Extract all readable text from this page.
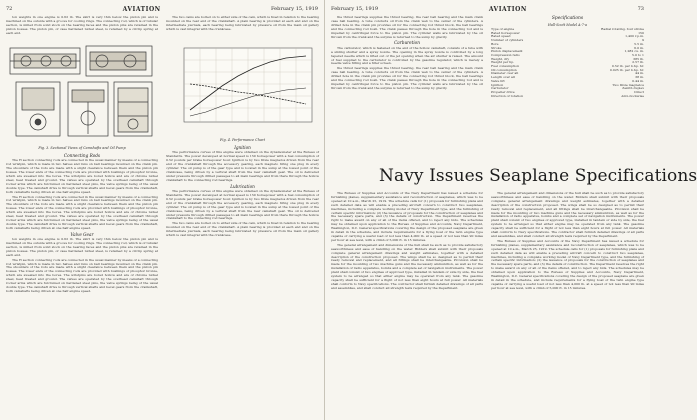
72	AVIATION	February 15, 1919

ton weights in one engine is 0.62 lb. The skirt is very thin below the piston pin and is machined on the outside with a groove for cooling rings. The connecting rod, which is of tubular section, is milled from solid stock on the bearing faces and the piston pins are retained in the piston bosses. The piston pin, of case hardened nickel steel, is retained by a circlip spring at each end.

Fig. 3. Sectional Views of Camshafts and Oil Pump
Connecting Rods

The H section connecting rods are connected in the usual manner by means of a connecting rod wristpin, which is made in two halves and runs on ball bearings mounted on the crank pin. The shoulders of the rods are made with a slight clearance between them and the piston pin bosses. The lower ends of the connecting rods are provided with bushings of phosphor bronze, which are sweated into the bores. The wristpins are bored hollow and are of chrome nickel steel, heat treated and ground. The valves are operated by the overhead camshaft through rocker arms which are fulcrumed on hardened steel pins, the valve springs being of the usual double type. The camshaft drive is through vertical shafts and bevel gears from the crankshaft, both camshafts being driven at one half engine speed.

The H section connecting rods are connected in the usual manner by means of a connecting rod wristpin, which is made in two halves and runs on ball bearings mounted on the crank pin. The shoulders of the rods are made with a slight clearance between them and the piston pin bosses. The lower ends of the connecting rods are provided with bushings of phosphor bronze, which are sweated into the bores. The wristpins are bored hollow and are of chrome nickel steel, heat treated and ground. The valves are operated by the overhead camshaft through rocker arms which are fulcrumed on hardened steel pins, the valve springs being of the usual double type. The camshaft drive is through vertical shafts and bevel gears from the crankshaft, both camshafts being driven at one half engine speed.

Valve Gear

ton weights in one engine is 0.62 lb. The skirt is very thin below the piston pin and is machined on the outside with a groove for cooling rings. The connecting rod, which is of tubular section, is milled from solid stock on the bearing faces and the piston pins are retained in the piston bosses. The piston pin, of case hardened nickel steel, is retained by a circlip spring at each end.

The H section connecting rods are connected in the usual manner by means of a connecting rod wristpin, which is made in two halves and runs on ball bearings mounted on the crank pin. The shoulders of the rods are made with a slight clearance between them and the piston pin bosses. The lower ends of the connecting rods are provided with bushings of phosphor bronze, which are sweated into the bores. The wristpins are bored hollow and are of chrome nickel steel, heat treated and ground. The valves are operated by the overhead camshaft through rocker arms which are fulcrumed on hardened steel pins, the valve springs being of the usual double type. The camshaft drive is through vertical shafts and bevel gears from the crankshaft, both camshafts being driven at one half engine speed.

The two cams are bolted on to either side of the cam, which is fixed in relation to the bearing mounted on the rear end of the crankshaft. A plain bearing is provided at each end and on the intermediate journals, each bearing being lubricated by pressure oil from the main oil gallery which is cast integral with the crankcase.

Fig. 4. Performance Chart
Ignition

The performance curves of this engine were obtained on the dynamometer at the Bureau of Standards. The power developed at normal speed is 150 horsepower with a fuel consumption of 0.52 pounds per brake horsepower hour. Ignition is by two Dixie magnetos driven from the rear end of the crankshaft through the accessory gearing, each magneto firing one plug in every cylinder. The oil pump is of the gear type and is located in the sump at the lowest point of the crankcase, being driven by a vertical shaft from the rear camshaft gear. The oil is delivered under pressure through drilled passages to all main bearings and from there through the hollow crankshaft to the connecting rod bearings.

Lubrication

The performance curves of this engine were obtained on the dynamometer at the Bureau of Standards. The power developed at normal speed is 150 horsepower with a fuel consumption of 0.52 pounds per brake horsepower hour. Ignition is by two Dixie magnetos driven from the rear end of the crankshaft through the accessory gearing, each magneto firing one plug in every cylinder. The oil pump is of the gear type and is located in the sump at the lowest point of the crankcase, being driven by a vertical shaft from the rear camshaft gear. The oil is delivered under pressure through drilled passages to all main bearings and from there through the hollow crankshaft to the connecting rod bearings.

The two cams are bolted on to either side of the cam, which is fixed in relation to the bearing mounted on the rear end of the crankshaft. A plain bearing is provided at each end and on the intermediate journals, each bearing being lubricated by pressure oil from the main oil gallery which is cast integral with the crankcase.

February 15, 1919	AVIATION	73

the thrust bearings supplies the thrust bearing, the rear ball bearing and the main crank case ball bearing. A tube conducts oil from the crank web to the center of the cylinders. A drilled hole in the crank pin provides oil for the connecting rod thrust block, the ball bearings and the connecting rod bosh. The crank passes through the hole in the connecting rod and is impelled by centrifugal force to the piston pin. The cylinder walls are lubricated by the oil thrown from the crank and the surplus is returned to the sump by gravity.

Carburetion

The carburetor, which is fastened on the end of the hollow camshaft, consists of a tube with a sliding shutter and a spray nozzle. The opening in the spray nozzle is controlled by a long tapered needle which is lifted out of the jet opening when the air shutter is raised. The amount of fuel supplied to the carburetor is controlled by the gasoline regulator, which is merely a needle valve fitting and a filter screen.

the thrust bearings supplies the thrust bearing, the rear ball bearing and the main crank case ball bearing. A tube conducts oil from the crank web to the center of the cylinders. A drilled hole in the crank pin provides oil for the connecting rod thrust block, the ball bearings and the connecting rod bosh. The crank passes through the hole in the connecting rod and is impelled by centrifugal force to the piston pin. The cylinder walls are lubricated by the oil thrown from the crank and the surplus is returned to the sump by gravity.

Specifications
Hall-Scott Model A-7-a
Type of engine	Radial rotating, four stroke
Rated horsepower	150
Rated speed	1,400 r.p.m.
Number of cylinders	9
Bore	5.5 in.
Stroke	6.0 in.
Piston displacement	1,282 cu. in.
Compression ratio	5.0 to 1
Weight, dry	385 lb.
Weight per hp.	2.57 lb.
Fuel consumption	0.52 lb. per b.hp. hr.
Oil consumption	0.025 lb. per b.hp. hr.
Diameter over all	44 in.
Length over all	38 in.
Valve lift	0.44 in.
Ignition	Two Dixie magnetos
Carburetor	Zenith duplex
Propeller drive	Direct
Direction of rotation	Anti-clockwise
Navy Issues Seaplane Specifications

The Bureau of Supplies and Accounts of the Navy Department has issued a schedule for furnishing planes, supplementary assistance and reconstruction of seaplanes, which was to be opened at 10 a.m., March 25, 1919. The schedule calls for (1) proposals for furnishing plans and such detailed data as will enable a preceding aircraft concern to construct two seaplanes, machines, including a complete working model of Navy Department type, and the furnishing of certain specific information; (2) the issuance of proposals for the construction of seaplanes and the necessary spare parts, and (3) the details of construction. The Department reserves the right to make award on any or all of the items offered, and to reject any bids. The schedules may be obtained upon application to the Bureau of Supplies and Accounts, Navy Department, Washington, D.C. General specifications covering the design of the proposed seaplane are given in detail in the schedule, and include requirements for a flying boat of the twin engine type capable of carrying a useful load of not less than 4,000 lb. at a speed of not less than 90 miles per hour at sea level, with a climb of 5,000 ft. in 15 minutes.

The general arrangement and dimensions of the hull shall be such as to provide satisfactory seaworthiness and ease of handling on the water. Bidders shall submit with their proposals complete general arrangement drawings and weight estimates, together with a detailed description of the construction proposed. The wings shall be so designed as to permit their ready removal and replacement, and all fittings shall be interchangeable. Provision shall be made for the mounting of two machine guns and the necessary ammunition, as well as for the installation of radio apparatus, bombs and a complete set of navigation instruments. The power plant shall consist of two engines of approved type, installed in tandem or side by side, the fuel system to be arranged so that either engine may be operated from any tank. The gasoline capacity shall be sufficient for a flight of not less than eight hours at full power. All materials shall conform to Navy specifications. The contractor shall furnish detailed drawings of all parts and assemblies, and shall conduct all strength tests required by the Department.

The general arrangement and dimensions of the hull shall be such as to provide satisfactory seaworthiness and ease of handling on the water. Bidders shall submit with their proposals complete general arrangement drawings and weight estimates, together with a detailed description of the construction proposed. The wings shall be so designed as to permit their ready removal and replacement, and all fittings shall be interchangeable. Provision shall be made for the mounting of two machine guns and the necessary ammunition, as well as for the installation of radio apparatus, bombs and a complete set of navigation instruments. The power plant shall consist of two engines of approved type, installed in tandem or side by side, the fuel system to be arranged so that either engine may be operated from any tank. The gasoline capacity shall be sufficient for a flight of not less than eight hours at full power. All materials shall conform to Navy specifications. The contractor shall furnish detailed drawings of all parts and assemblies, and shall conduct all strength tests required by the Department.

The Bureau of Supplies and Accounts of the Navy Department has issued a schedule for furnishing planes, supplementary assistance and reconstruction of seaplanes, which was to be opened at 10 a.m., March 25, 1919. The schedule calls for (1) proposals for furnishing plans and such detailed data as will enable a preceding aircraft concern to construct two seaplanes, machines, including a complete working model of Navy Department type, and the furnishing of certain specific information; (2) the issuance of proposals for the construction of seaplanes and the necessary spare parts, and (3) the details of construction. The Department reserves the right to make award on any or all of the items offered, and to reject any bids. The schedules may be obtained upon application to the Bureau of Supplies and Accounts, Navy Department, Washington, D.C. General specifications covering the design of the proposed seaplane are given in detail in the schedule, and include requirements for a flying boat of the twin engine type capable of carrying a useful load of not less than 4,000 lb. at a speed of not less than 90 miles per hour at sea level, with a climb of 5,000 ft. in 15 minutes.
